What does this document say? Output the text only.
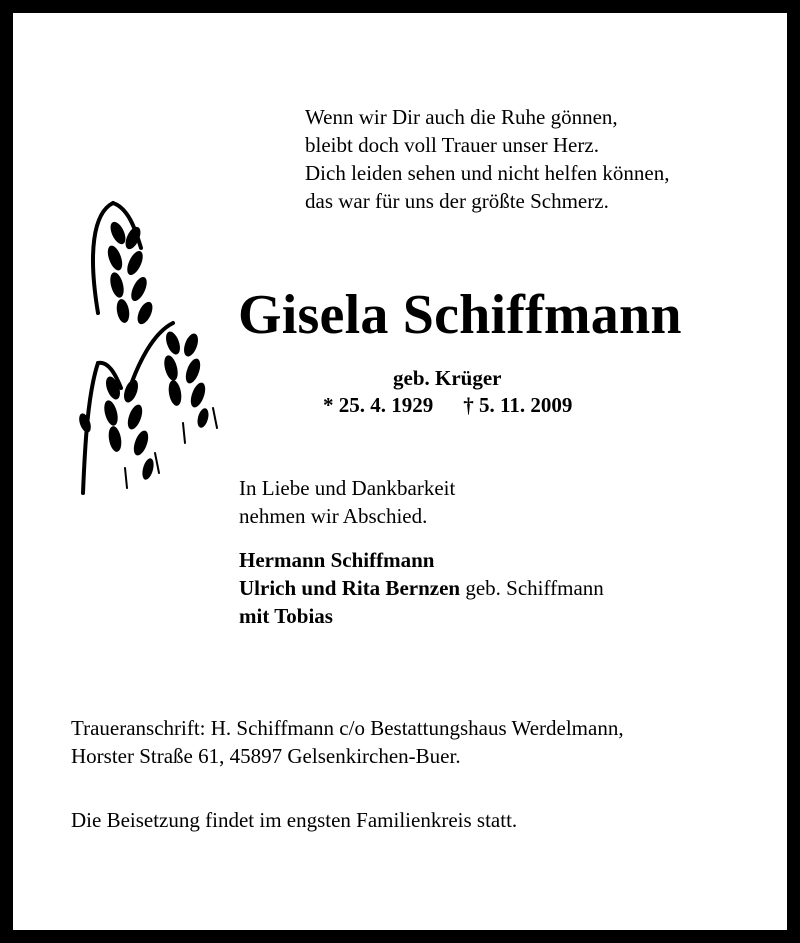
Wenn wir Dir auch die Ruhe gönnen,
bleibt doch voll Trauer unser Herz.
Dich leiden sehen und nicht helfen können,
das war für uns der größte Schmerz.
Gisela Schiffmann
geb. Krüger
* 25. 4. 1929 † 5. 11. 2009
In Liebe und Dankbarkeit
nehmen wir Abschied.
Hermann Schiffmann
Ulrich und Rita Bernzen geb. Schiffmann
mit Tobias
Traueranschrift: H. Schiffmann c/o Bestattungshaus Werdelmann,
Horster Straße 61, 45897 Gelsenkirchen-Buer.
Die Beisetzung findet im engsten Familienkreis statt.
